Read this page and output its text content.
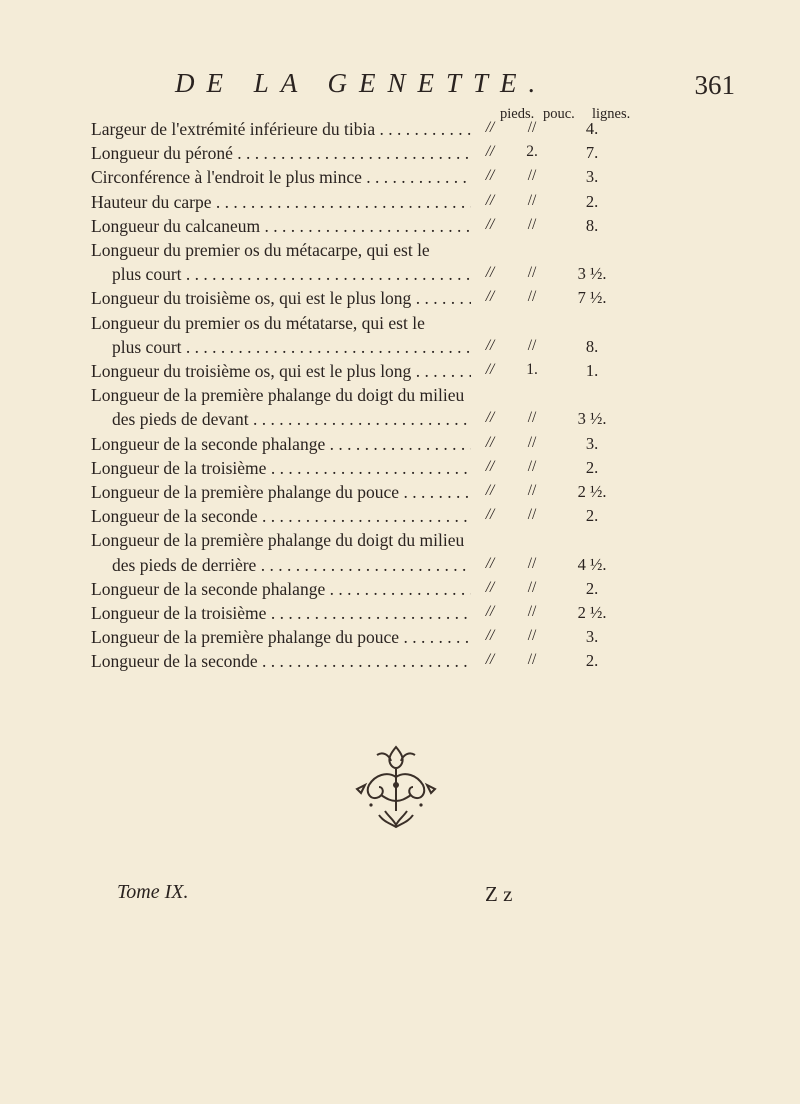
DE LA GENETTE.	361
pieds. pouc. lignes.
Largeur de l'extrémité inférieure du tibia . . .	//	//	4.
Longueur du péroné . . .	//	2.	7.
Circonférence à l'endroit le plus mince . . .	//	//	3.
Hauteur du carpe . . .	//	//	2.
Longueur du calcaneum . . .	//	//	8.
Longueur du premier os du métacarpe, qui est le
plus court . . .	//	//	3 ½.
Longueur du troisième os, qui est le plus long . . .	//	//	7 ½.
Longueur du premier os du métatarse, qui est le
plus court . . .	//	//	8.
Longueur du troisième os, qui est le plus long . . .	//	1.	1.
Longueur de la première phalange du doigt du milieu
des pieds de devant . . .	//	//	3 ½.
Longueur de la seconde phalange . . .	//	//	3.
Longueur de la troisième . . .	//	//	2.
Longueur de la première phalange du pouce . . .	//	//	2 ½.
Longueur de la seconde . . .	//	//	2.
Longueur de la première phalange du doigt du milieu
des pieds de derrière . . .	//	//	4 ½.
Longueur de la seconde phalange . . .	//	//	2.
Longueur de la troisième . . .	//	//	2 ½.
Longueur de la première phalange du pouce . . .	//	//	3.
Longueur de la seconde . . .	//	//	2.
Tome IX.	Z z
